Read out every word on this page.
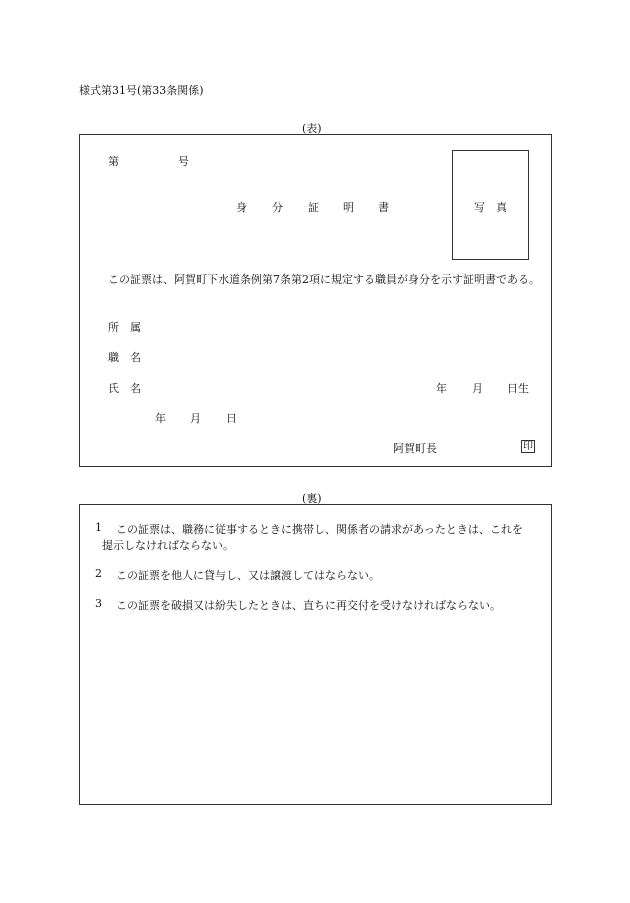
様式第31号(第33条関係)
(表)
第	号
身 分 証 明 書	写　真
この証票は、阿賀町下水道条例第7条第2項に規定する職員が身分を示す証明書である。
所　属
職　名
氏　名	年 月 日生
年 月 日
阿賀町長	印
(裏)
1 この証票は、職務に従事するときに携帯し、関係者の請求があったときは、これを
提示しなければならない。
2 この証票を他人に貸与し、又は譲渡してはならない。
3 この証票を破損又は紛失したときは、直ちに再交付を受けなければならない。
